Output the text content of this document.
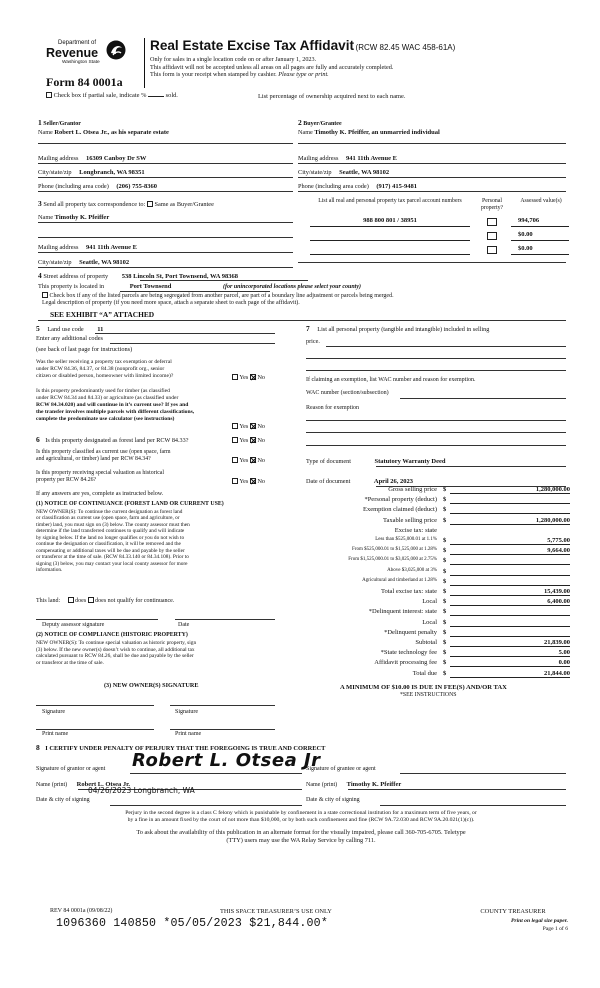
Department of
Revenue
Washington State
Real Estate Excise Tax Affidavit (RCW 82.45 WAC 458-61A)
Only for sales in a single location code on or after January 1, 2023.
This affidavit will not be accepted unless all areas on all pages are fully and accurately completed.
This form is your receipt when stamped by cashier. Please type or print.
Form 84 0001a
Check box if partial sale, indicate %	sold.	List percentage of ownership acquired next to each name.
1 Seller/Grantor
Name Robert L. Otsea Jr., as his separate estate
Mailing address 16309 Canboy Dr SW
City/state/zip Longbranch, WA 98351
Phone (including area code) (206) 755-8360
2 Buyer/Grantee
Name Timothy K. Pfeiffer, an unmarried individual
Mailing address 941 11th Avenue E
City/state/zip Seattle, WA 98102
Phone (including area code) (917) 415-9481
3 Send all property tax correspondence to: Same as Buyer/Grantee
Name Timothy K. Pfeiffer
Mailing address 941 11th Avenue E
City/state/zip Seattle, WA 98102
List all real and personal property tax parcel account numbers	Personal property?
Assessed value(s)
988 800 801 / 38951	994,706
$0.00
$0.00
4 Street address of property 538 Lincoln St, Port Townsend, WA 98368
This property is located in	Port Townsend	(for unincorporated locations please select your county)
Check box if any of the listed parcels are being segregated from another parcel, are part of a boundary line adjustment or parcels being merged.
Legal description of property (if you need more space, attach a separate sheet to each page of the affidavit).
SEE EXHIBIT “A” ATTACHED
5 Land use code 11
Enter any additional codes
(see back of last page for instructions)
Was the seller receiving a property tax exemption or deferral
under RCW 84.36, 84.37, or 84.38 (nonprofit org., senior
citizen or disabled person, homeowner with limited income)?	Yes No
Is this property predominantly used for timber (as classified
under RCW 84.34 and 84.33) or agriculture (as classified under
RCW 84.34.020) and will continue in it’s current use? If yes and
the transfer involves multiple parcels with different classifications,
complete the predominate use calculator (see instructions)
Yes No
6 Is this property designated as forest land per RCW 84.33?	Yes No
Is this property classified as current use (open space, farm
and agricultural, or timber) land per RCW 84.34?	Yes No
Is this property receiving special valuation as historical
property per RCW 84.26?	Yes No
If any answers are yes, complete as instructed below.
(1) NOTICE OF CONTINUANCE (FOREST LAND OR CURRENT USE)
NEW OWNER(S): To continue the current designation as forest land
or classification as current use (open space, farm and agriculture, or
timber) land, you must sign on (3) below. The county assessor must then
determine if the land transferred continues to qualify and will indicate
by signing below. If the land no longer qualifies or you do not wish to
continue the designation or classification, it will be removed and the
compensating or additional taxes will be due and payable by the seller
or transferor at the time of sale. (RCW 84.33.140 or 84.34.108). Prior to
signing (3) below, you may contact your local county assessor for more
information.
This land:	does does not qualify for continuance.
Deputy assessor signature	Date
(2) NOTICE OF COMPLIANCE (HISTORIC PROPERTY)
NEW OWNER(S): To continue special valuation as historic property, sign
(3) below. If the new owner(s) doesn’t wish to continue, all additional tax
calculated pursuant to RCW 84.26, shall be due and payable by the seller
or transferor at the time of sale.
(3) NEW OWNER(S) SIGNATURE
Signature	Signature
Print name	Print name
7 List all personal property (tangible and intangible) included in selling
price.
If claiming an exemption, list WAC number and reason for exemption.
WAC number (section/subsection)
Reason for exemption
Type of document	Statutory Warranty Deed
Date of document	April 26, 2023
Gross selling price $	1,280,000.00
*Personal property (deduct) $
Exemption claimed (deduct) $
Taxable selling price $	1,280,000.00
Excise tax: state
Less than $525,000.01 at 1.1% $	5,775.00
From $525,000.01 to $1,525,000 at 1.28% $	9,664.00
From $1,525,000.01 to $3,025,000 at 2.75% $
Above $3,025,000 at 3% $
Agricultural and timberland at 1.28% $
Total excise tax: state $	15,439.00
Local $	6,400.00
*Delinquent interest: state $
Local $
*Delinquent penalty $
Subtotal $	21,839.00
*State technology fee $	5.00
Affidavit processing fee $	0.00
Total due $	21,844.00
A MINIMUM OF $10.00 IS DUE IN FEE(S) AND/OR TAX
*SEE INSTRUCTIONS
8 I CERTIFY UNDER PENALTY OF PERJURY THAT THE FOREGOING IS TRUE AND CORRECT
Signature of grantor or agent Robert L. Otsea Jr
Signature of grantee or agent
Name (print) Robert L. Otsea Jr.	Name (print) Timothy K. Pfeiffer
Date & city of signing
04/26/2023 Longbranch, WA
Date & city of signing
Perjury in the second degree is a class C felony which is punishable by confinement in a state correctional institution for a maximum term of five years, or
by a fine in an amount fixed by the court of not more than $10,000, or by both such confinement and fine (RCW 9A.72.030 and RCW 9A.20.021(1)(c)).
To ask about the availability of this publication in an alternate format for the visually impaired, please call 360-705-6705. Teletype
(TTY) users may use the WA Relay Service by calling 711.
REV 84 0001a (09/08/22)	THIS SPACE TREASURER’S USE ONLY	COUNTY TREASURER
Print on legal size paper.
Page 1 of 6
1096360 140850 *05/05/2023 $21,844.00*
